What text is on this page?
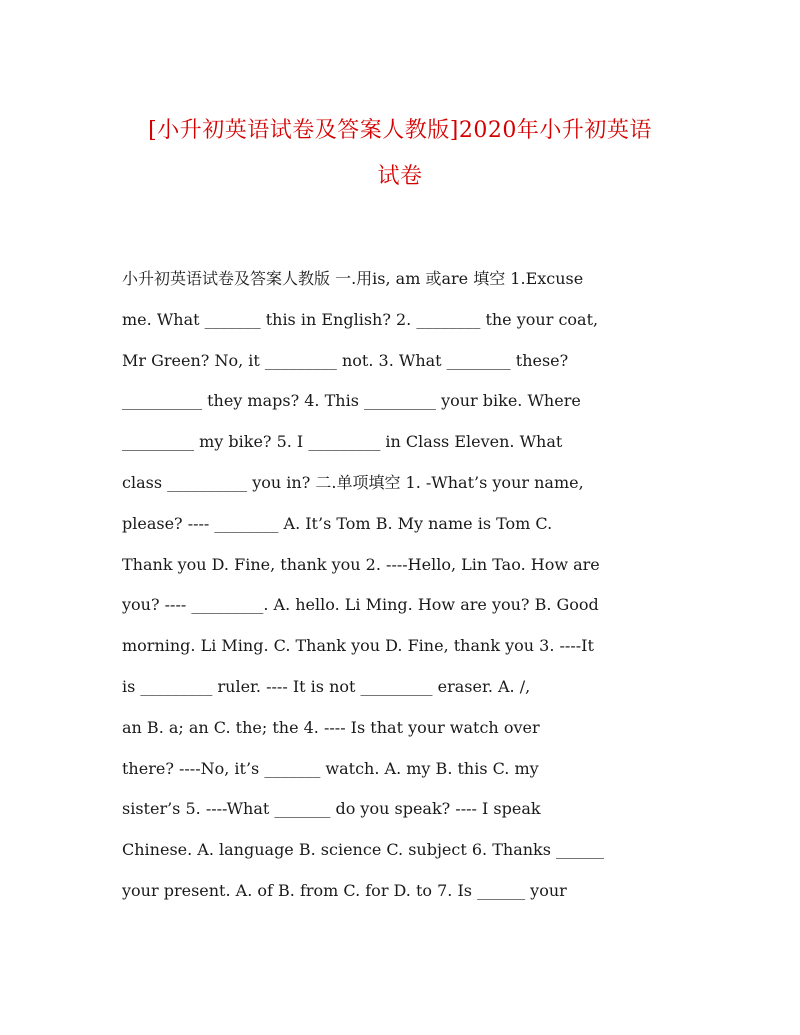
[小升初英语试卷及答案人教版]2020年小升初英语
试卷
小升初英语试卷及答案人教版 一.用is, am 或are 填空 1.Excuse
me. What _______ this in English? 2. ________ the your coat,
Mr Green? No, it _________ not. 3. What ________ these?
__________ they maps? 4. This _________ your bike. Where
_________ my bike? 5. I _________ in Class Eleven. What
class __________ you in? 二.单项填空 1. -What’s your name,
please? ---- ________ A. It’s Tom B. My name is Tom C.
Thank you D. Fine, thank you 2. ----Hello, Lin Tao. How are
you? ---- _________. A. hello. Li Ming. How are you? B. Good
morning. Li Ming. C. Thank you D. Fine, thank you 3. ----It
is _________ ruler. ---- It is not _________ eraser. A. /,
an B. a; an C. the; the 4. ---- Is that your watch over
there? ----No, it’s _______ watch. A. my B. this C. my
sister’s 5. ----What _______ do you speak? ---- I speak
Chinese. A. language B. science C. subject 6. Thanks ______
your present. A. of B. from C. for D. to 7. Is ______ your
